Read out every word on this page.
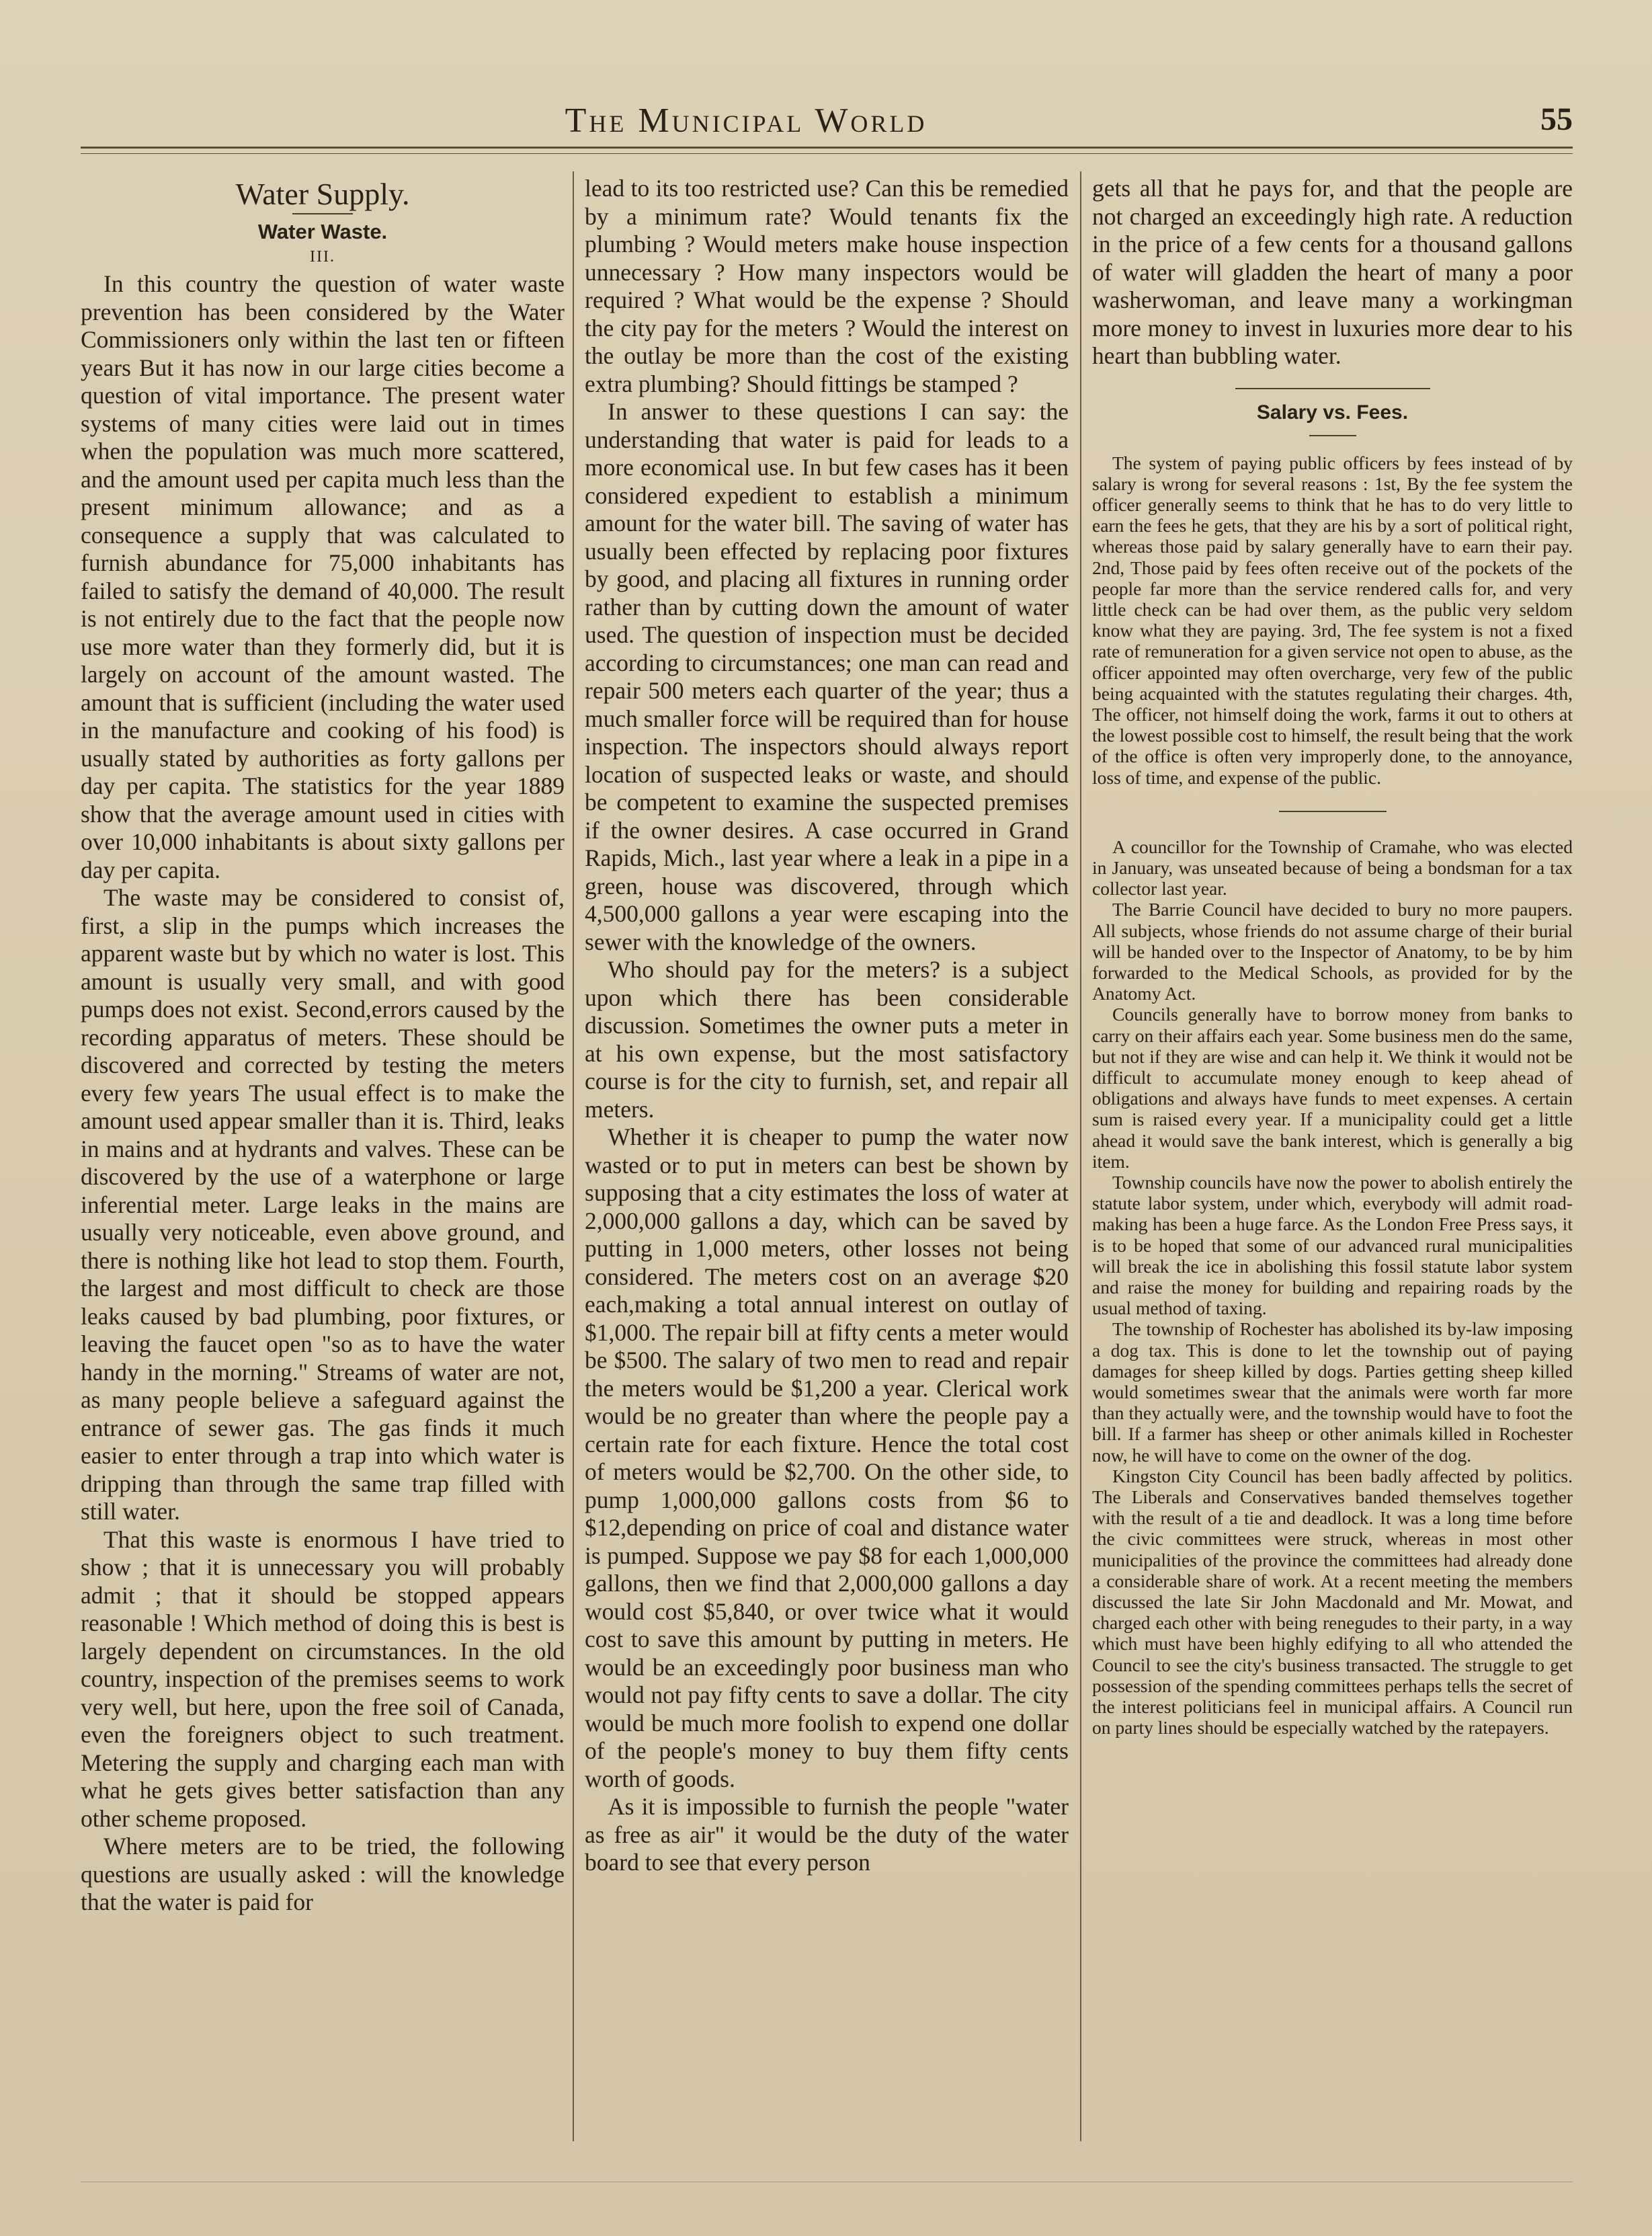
The Municipal World	55
Water Supply.
Water Waste.
III.

In this country the question of water waste prevention has been considered by the Water Commissioners only within the last ten or fifteen years But it has now in our large cities become a question of vital importance. The present water systems of many cities were laid out in times when the population was much more scattered, and the amount used per capita much less than the present minimum allowance; and as a consequence a supply that was calculated to furnish abundance for 75,000 inhabitants has failed to satisfy the demand of 40,000. The result is not entirely due to the fact that the people now use more water than they formerly did, but it is largely on account of the amount wasted. The amount that is sufficient (including the water used in the manufacture and cooking of his food) is usually stated by authorities as forty gallons per day per capita. The statistics for the year 1889 show that the average amount used in cities with over 10,000 inhabitants is about sixty gallons per day per capita.

The waste may be considered to consist of, first, a slip in the pumps which increases the apparent waste but by which no water is lost. This amount is usually very small, and with good pumps does not exist. Second,errors caused by the recording apparatus of meters. These should be discovered and corrected by testing the meters every few years The usual effect is to make the amount used appear smaller than it is. Third, leaks in mains and at hydrants and valves. These can be discovered by the use of a waterphone or large inferential meter. Large leaks in the mains are usually very noticeable, even above ground, and there is nothing like hot lead to stop them. Fourth, the largest and most difficult to check are those leaks caused by bad plumbing, poor fixtures, or leaving the faucet open "so as to have the water handy in the morning." Streams of water are not, as many people believe a safeguard against the entrance of sewer gas. The gas finds it much easier to enter through a trap into which water is dripping than through the same trap filled with still water.

That this waste is enormous I have tried to show ; that it is unnecessary you will probably admit ; that it should be stopped appears reasonable ! Which method of doing this is best is largely dependent on circumstances. In the old country, inspection of the premises seems to work very well, but here, upon the free soil of Canada, even the foreigners object to such treatment. Metering the supply and charging each man with what he gets gives better satisfaction than any other scheme proposed.

Where meters are to be tried, the following questions are usually asked : will the knowledge that the water is paid for

lead to its too restricted use? Can this be remedied by a minimum rate? Would tenants fix the plumbing ? Would meters make house inspection unnecessary ? How many inspectors would be required ? What would be the expense ? Should the city pay for the meters ? Would the interest on the outlay be more than the cost of the existing extra plumbing? Should fittings be stamped ?

In answer to these questions I can say: the understanding that water is paid for leads to a more economical use. In but few cases has it been considered expedient to establish a minimum amount for the water bill. The saving of water has usually been effected by replacing poor fixtures by good, and placing all fixtures in running order rather than by cutting down the amount of water used. The question of inspection must be decided according to circumstances; one man can read and repair 500 meters each quarter of the year; thus a much smaller force will be required than for house inspection. The inspectors should always report location of suspected leaks or waste, and should be competent to examine the suspected premises if the owner desires. A case occurred in Grand Rapids, Mich., last year where a leak in a pipe in a green, house was discovered, through which 4,500,000 gallons a year were escaping into the sewer with the knowledge of the owners.

Who should pay for the meters? is a subject upon which there has been considerable discussion. Sometimes the owner puts a meter in at his own expense, but the most satisfactory course is for the city to furnish, set, and repair all meters.

Whether it is cheaper to pump the water now wasted or to put in meters can best be shown by supposing that a city estimates the loss of water at 2,000,000 gallons a day, which can be saved by putting in 1,000 meters, other losses not being considered. The meters cost on an average $20 each,making a total annual interest on outlay of $1,000. The repair bill at fifty cents a meter would be $500. The salary of two men to read and repair the meters would be $1,200 a year. Clerical work would be no greater than where the people pay a certain rate for each fixture. Hence the total cost of meters would be $2,700. On the other side, to pump 1,000,000 gallons costs from $6 to $12,depending on price of coal and distance water is pumped. Suppose we pay $8 for each 1,000,000 gallons, then we find that 2,000,000 gallons a day would cost $5,840, or over twice what it would cost to save this amount by putting in meters. He would be an exceedingly poor business man who would not pay fifty cents to save a dollar. The city would be much more foolish to expend one dollar of the people's money to buy them fifty cents worth of goods.

As it is impossible to furnish the people "water as free as air" it would be the duty of the water board to see that every person

gets all that he pays for, and that the people are not charged an exceedingly high rate. A reduction in the price of a few cents for a thousand gallons of water will gladden the heart of many a poor washerwoman, and leave many a workingman more money to invest in luxuries more dear to his heart than bubbling water.

Salary vs. Fees.

The system of paying public officers by fees instead of by salary is wrong for several reasons : 1st, By the fee system the officer generally seems to think that he has to do very little to earn the fees he gets, that they are his by a sort of political right, whereas those paid by salary generally have to earn their pay. 2nd, Those paid by fees often receive out of the pockets of the people far more than the service rendered calls for, and very little check can be had over them, as the public very seldom know what they are paying. 3rd, The fee system is not a fixed rate of remuneration for a given service not open to abuse, as the officer appointed may often overcharge, very few of the public being acquainted with the statutes regulating their charges. 4th, The officer, not himself doing the work, farms it out to others at the lowest possible cost to himself, the result being that the work of the office is often very improperly done, to the annoyance, loss of time, and expense of the public.

A councillor for the Township of Cramahe, who was elected in January, was unseated because of being a bondsman for a tax collector last year.

The Barrie Council have decided to bury no more paupers. All subjects, whose friends do not assume charge of their burial will be handed over to the Inspector of Anatomy, to be by him forwarded to the Medical Schools, as provided for by the Anatomy Act.

Councils generally have to borrow money from banks to carry on their affairs each year. Some business men do the same, but not if they are wise and can help it. We think it would not be difficult to accumulate money enough to keep ahead of obligations and always have funds to meet expenses. A certain sum is raised every year. If a municipality could get a little ahead it would save the bank interest, which is generally a big item.

Township councils have now the power to abolish entirely the statute labor system, under which, everybody will admit road-making has been a huge farce. As the London Free Press says, it is to be hoped that some of our advanced rural municipalities will break the ice in abolishing this fossil statute labor system and raise the money for building and repairing roads by the usual method of taxing.

The township of Rochester has abolished its by-law imposing a dog tax. This is done to let the township out of paying damages for sheep killed by dogs. Parties getting sheep killed would sometimes swear that the animals were worth far more than they actually were, and the township would have to foot the bill. If a farmer has sheep or other animals killed in Rochester now, he will have to come on the owner of the dog.

Kingston City Council has been badly affected by politics. The Liberals and Conservatives banded themselves together with the result of a tie and deadlock. It was a long time before the civic committees were struck, whereas in most other municipalities of the province the committees had already done a considerable share of work. At a recent meeting the members discussed the late Sir John Macdonald and Mr. Mowat, and charged each other with being renegudes to their party, in a way which must have been highly edifying to all who attended the Council to see the city's business transacted. The struggle to get possession of the spending committees perhaps tells the secret of the interest politicians feel in municipal affairs. A Council run on party lines should be especially watched by the ratepayers.
